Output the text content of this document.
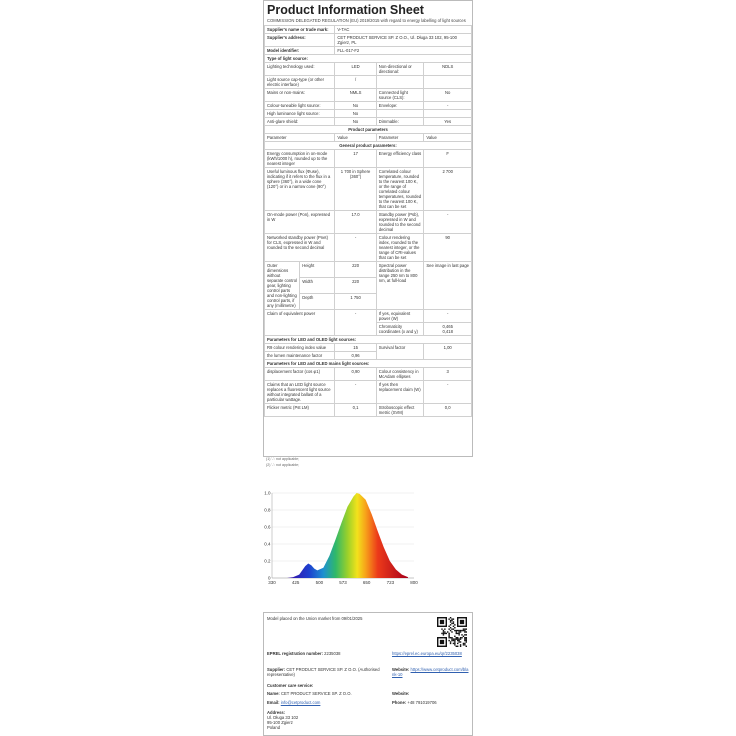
Product Information Sheet
COMMISSION DELEGATED REGULATION (EU) 2019/2015 with regard to energy labelling of light sources
Supplier's name or trade mark:		V-TAC		
Supplier's address:		CET PRODUCT SERVICE SP. Z O.O., Ul. Długa 33 102, 95-100 Zgierz, PL		
Model identifier:		FLL-017-F2		
Type of light source:				
Lighting technology used:		LED	Non-directional or directional:	NDLS
Light source cap-type (or other electric interface)		/		
Mains or non-mains:		NMLS	Connected light source (CLS):	No
Colour-tuneable light source:		No	Envelope:	-
High luminance light source:		No		
Anti-glare shield:		No	Dimmable:	Yes
Product parameters				
Parameter		Value	Parameter	Value
General product parameters:				
Energy consumption in on-mode (kWh/1000 h), rounded up to the nearest integer		17	Energy efficiency class	F
Useful luminous flux (Φuse), indicating if it refers to the flux in a sphere (360°), in a wide cone (120°) or in a narrow cone (90°)		1 700 in Sphere (360°)	Correlated colour temperature, rounded to the nearest 100 K, or the range of correlated colour temperatures, rounded to the nearest 100 K, that can be set	2 700
On-mode power (Pon), expressed in W		17.0	Standby power (Psb), expressed in W and rounded to the second decimal	-
Networked standby power (Pnet) for CLS, expressed in W and rounded to the second decimal		-	Colour rendering index, rounded to the nearest integer, or the range of CRI-values that can be set	90
Outer dimensions without separate control gear, lighting control parts and non-lighting control parts, if any (millimetre)	Height	220	Spectral power distribution in the range 250 nm to 800 nm, at full-load	See image in last page
	Width	220		
	Depth	1 750		
Claim of equivalent power		-	If yes, equivalent power (W)	-
			Chromaticity coordinates (x and y)	0,465
0,418
Parameters for LED and OLED light sources:				
R9 colour rendering index value		15	Survival factor	1,00
the lumen maintenance factor		0,96		
Parameters for LED and OLED mains light sources:				
displacement factor (cos φ1)		0,90	Colour consistency in McAdam ellipses	3
Claims that an LED light source replaces a fluorescent light source without integrated ballast of a particular wattage.		-	If yes then replacement claim (W)	-
Flicker metric (Pst LM)		0,1	Stroboscopic effect metric (SVM)	0,0
(1) '-': not applicable;
(2) '-': not applicable;
0
0.2
0.4
0.6
0.8
1.0
330	425	500	573	650	723	800
Model placed on the Union market from 09/01/2025
EPREL registration number: 2235038	https://eprel.ec.europa.eu/qr/2235038
Supplier: CET PRODUCT SERVICE SP. Z O.O. (Authorised representative)
Website: https://www.cetproduct.com/blank-10
Customer care service:
Name: CET PRODUCT SERVICE SP. Z O.O.	Website:
Email: info@cetproduct.com	Phone: +48 791019706
Address:
Ul. Długa 33 102
95-100 Zgierz
Poland
